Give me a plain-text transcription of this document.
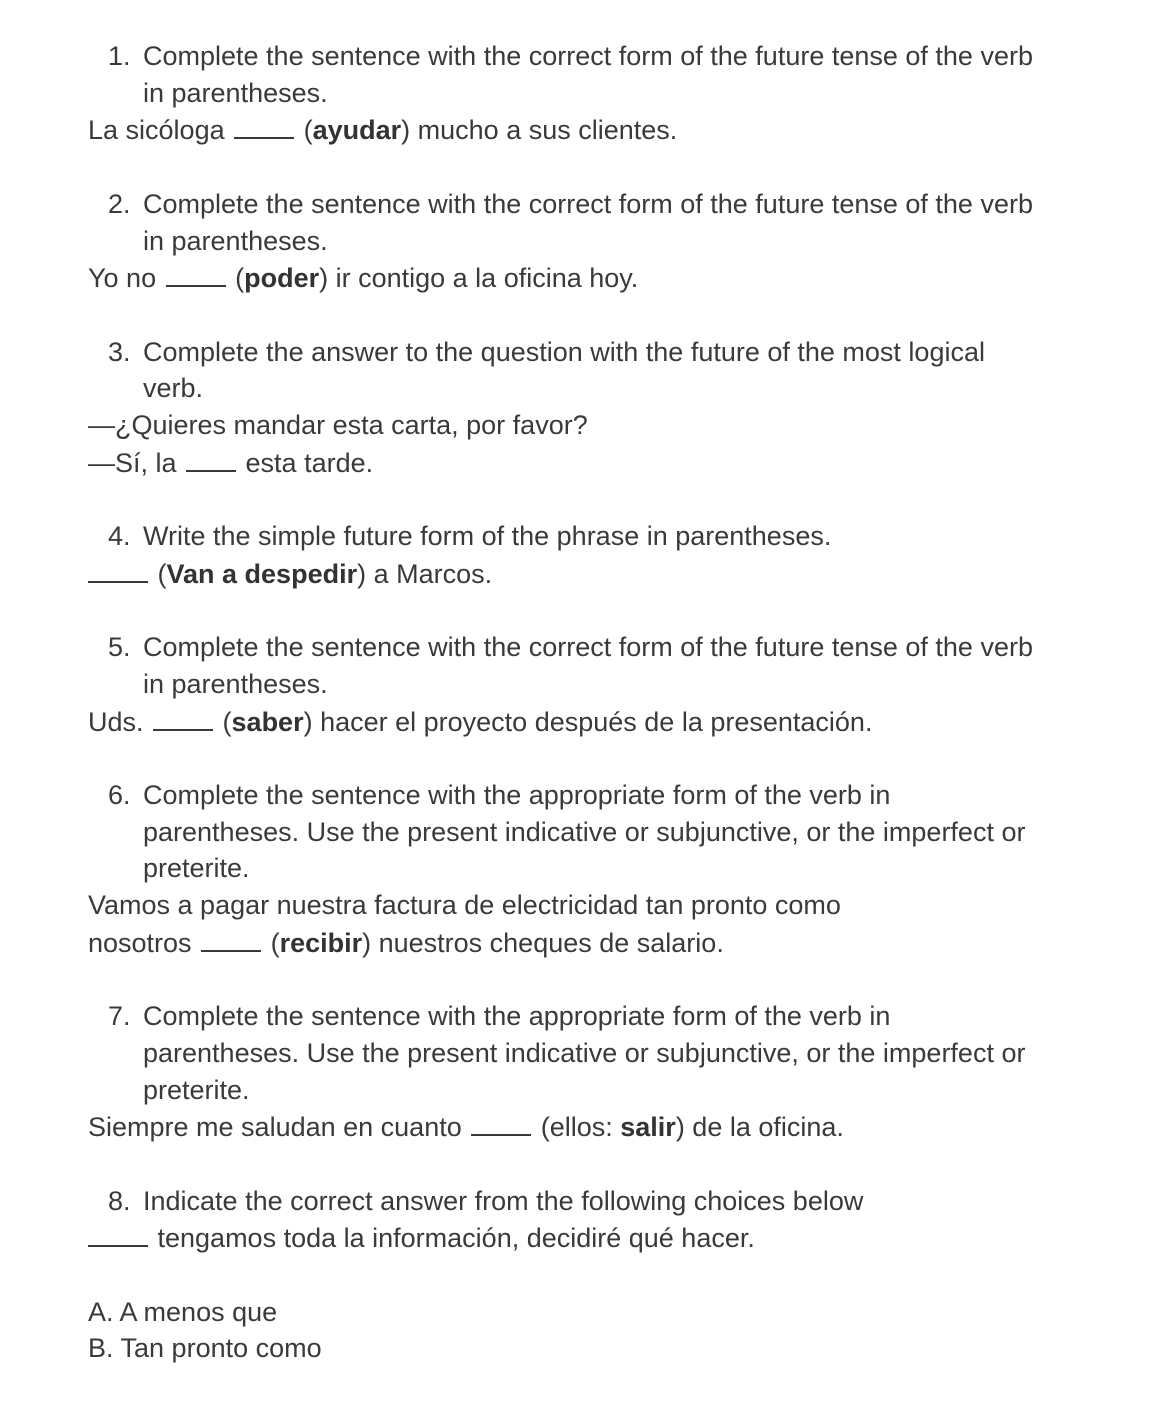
1. Complete the sentence with the correct form of the future tense of the verb in parentheses.
La sicóloga  (ayudar) mucho a sus clientes.
2. Complete the sentence with the correct form of the future tense of the verb in parentheses.
Yo no  (poder) ir contigo a la oficina hoy.
3. Complete the answer to the question with the future of the most logical verb.
—¿Quieres mandar esta carta, por favor?
—Sí, la  esta tarde.
4. Write the simple future form of the phrase in parentheses.
(Van a despedir) a Marcos.
5. Complete the sentence with the correct form of the future tense of the verb in parentheses.
Uds.  (saber) hacer el proyecto después de la presentación.
6. Complete the sentence with the appropriate form of the verb in parentheses. Use the present indicative or subjunctive, or the imperfect or preterite.
Vamos a pagar nuestra factura de electricidad tan pronto como
nosotros  (recibir) nuestros cheques de salario.
7. Complete the sentence with the appropriate form of the verb in parentheses. Use the present indicative or subjunctive, or the imperfect or preterite.
Siempre me saludan en cuanto  (ellos: salir) de la oficina.
8. Indicate the correct answer from the following choices below
tengamos toda la información, decidiré qué hacer.
A. A menos que
B. Tan pronto como
